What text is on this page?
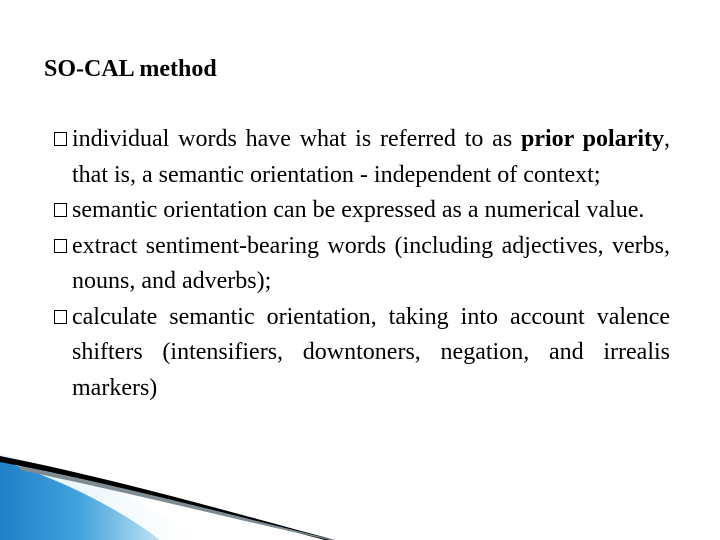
SO-CAL method
individual words have what is referred to as prior polarity, that is, a semantic orientation - independent of context;
semantic orientation can be expressed as a numerical value.
extract sentiment-bearing words (including adjectives, verbs, nouns, and adverbs);
calculate semantic orientation, taking into account valence shifters (intensifiers, downtoners, negation, and irrealis markers)
